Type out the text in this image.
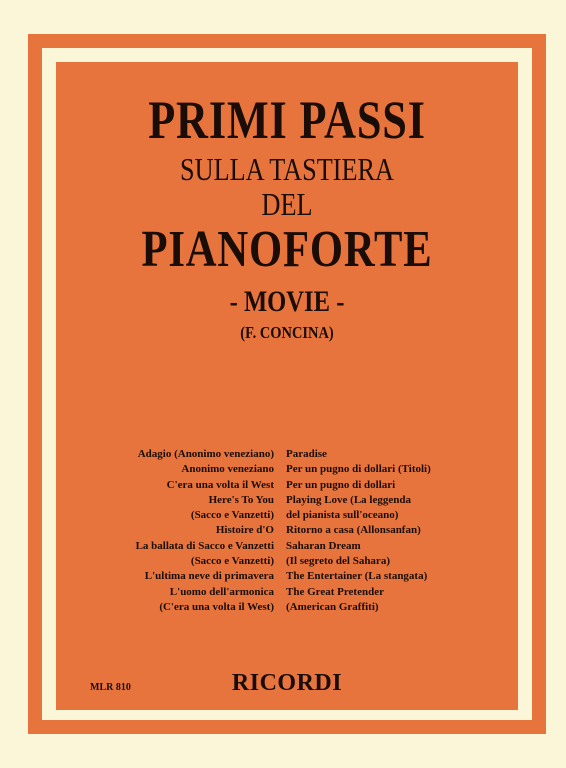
PRIMI PASSI
SULLA TASTIERA
DEL
PIANOFORTE
- MOVIE -
(F. CONCINA)
Adagio (Anonimo veneziano)
Anonimo veneziano
C'era una volta il West
Here's To You
(Sacco e Vanzetti)
Histoire d'O
La ballata di Sacco e Vanzetti
(Sacco e Vanzetti)
L'ultima neve di primavera
L'uomo dell'armonica
(C'era una volta il West)
Paradise
Per un pugno di dollari (Titoli)
Per un pugno di dollari
Playing Love (La leggenda
del pianista sull'oceano)
Ritorno a casa (Allonsanfan)
Saharan Dream
(Il segreto del Sahara)
The Entertainer (La stangata)
The Great Pretender
(American Graffiti)
MLR 810	RICORDI
